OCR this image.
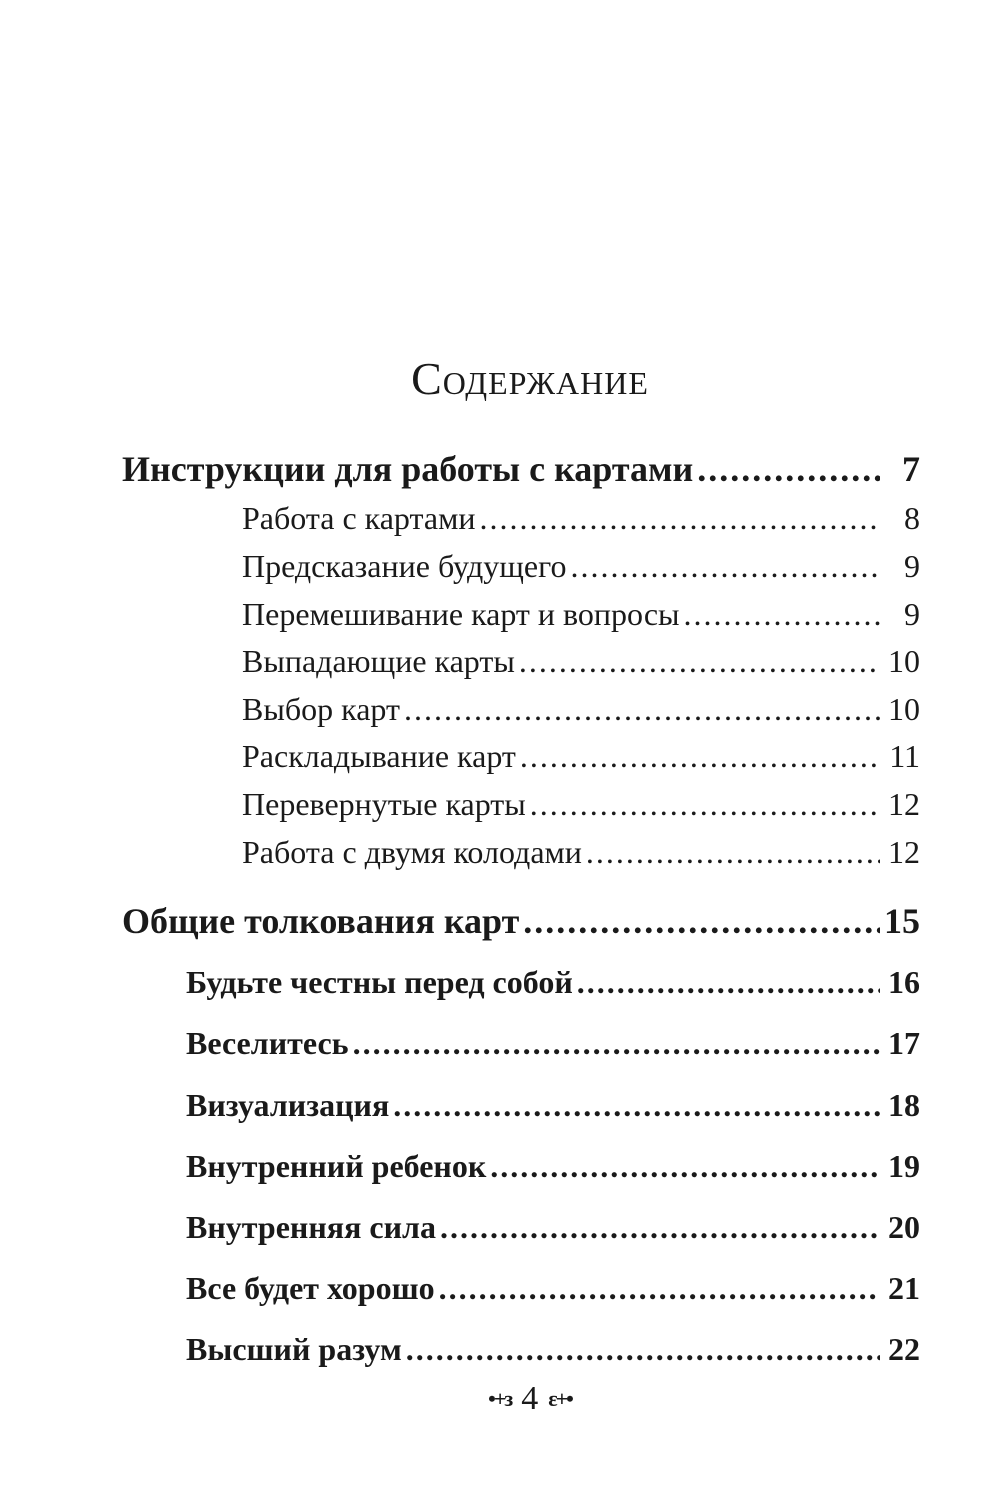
Содержание
Инструкции для работы с картами .....	7
Работа с картами .....	8
Предсказание будущего .....	9
Перемешивание карт и вопросы .....	9
Выпадающие карты .....	10
Выбор карт .....	10
Раскладывание карт .....	11
Перевернутые карты .....	12
Работа с двумя колодами .....	12
Общие толкования карт .....	15
Будьте честны перед собой .....	16
Веселитесь .....	17
Визуализация .....	18
Внутренний ребенок .....	19
Внутренняя сила .....	20
Все будет хорошо .....	21
Высший разум .....	22
•+з 4 ε+•
